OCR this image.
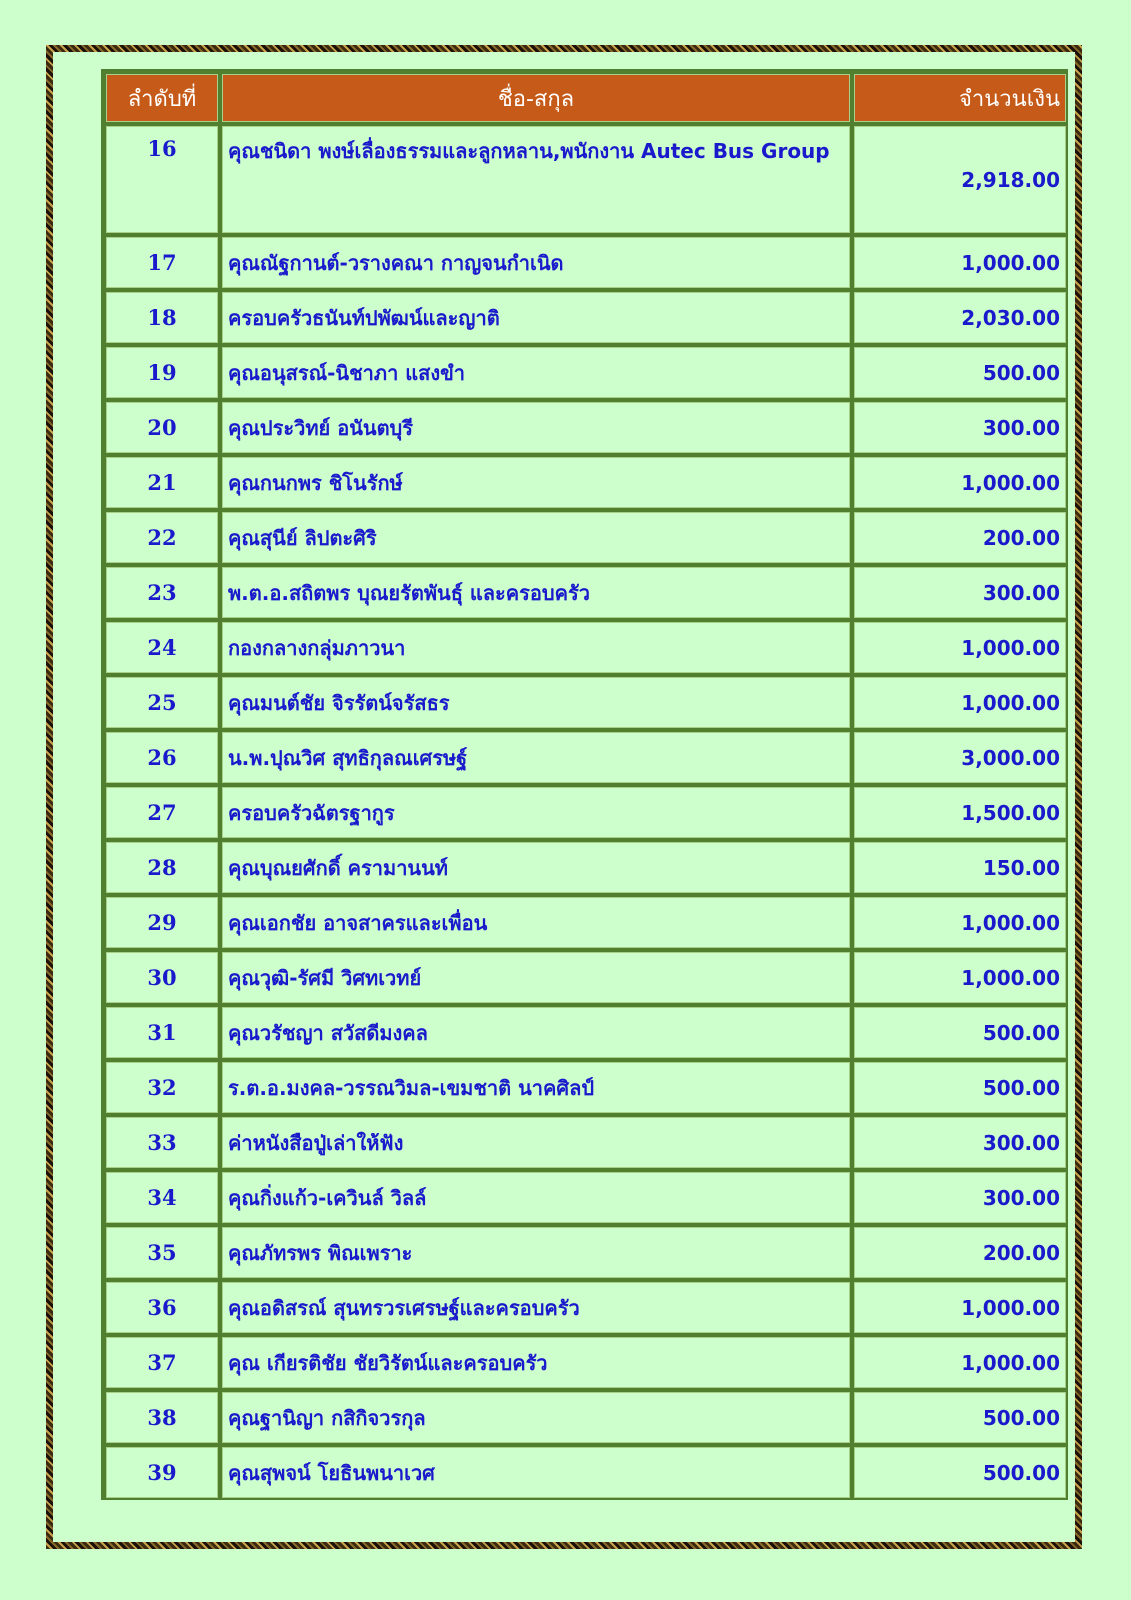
ลำดับที่	ชื่อ-สกุล	จำนวนเงิน
16	คุณชนิดา พงษ์เลื่องธรรมและลูกหลาน,พนักงาน Autec Bus Group	2,918.00
17	คุณณัฐกานต์-วรางคณา กาญจนกำเนิด	1,000.00
18	ครอบครัวธนันท์ปพัฒน์และญาติ	2,030.00
19	คุณอนุสรณ์-นิชาภา แสงขำ	500.00
20	คุณประวิทย์ อนันตบุรี	300.00
21	คุณกนกพร ชิโนรักษ์	1,000.00
22	คุณสุนีย์ ลิปตะศิริ	200.00
23	พ.ต.อ.สถิตพร บุณยรัตพันธุ์ และครอบครัว	300.00
24	กองกลางกลุ่มภาวนา	1,000.00
25	คุณมนต์ชัย จิรรัตน์จรัสธร	1,000.00
26	น.พ.ปุณวิศ สุทธิกุลณเศรษฐ์	3,000.00
27	ครอบครัวฉัตรฐากูร	1,500.00
28	คุณบุณยศักดิ์ ครามานนท์	150.00
29	คุณเอกชัย อาจสาครและเพื่อน	1,000.00
30	คุณวุฒิ-รัศมี วิศทเวทย์	1,000.00
31	คุณวรัชญา สวัสดีมงคล	500.00
32	ร.ต.อ.มงคล-วรรณวิมล-เขมชาติ นาคศิลป์	500.00
33	ค่าหนังสือปู่เล่าให้ฟัง	300.00
34	คุณกิ่งแก้ว-เควินล์ วิลล์	300.00
35	คุณภัทรพร พิณเพราะ	200.00
36	คุณอดิสรณ์ สุนทรวรเศรษฐ์และครอบครัว	1,000.00
37	คุณ เกียรติชัย ชัยวิรัตน์และครอบครัว	1,000.00
38	คุณฐานิญา กสิกิจวรกุล	500.00
39	คุณสุพจน์ โยธินพนาเวศ	500.00
